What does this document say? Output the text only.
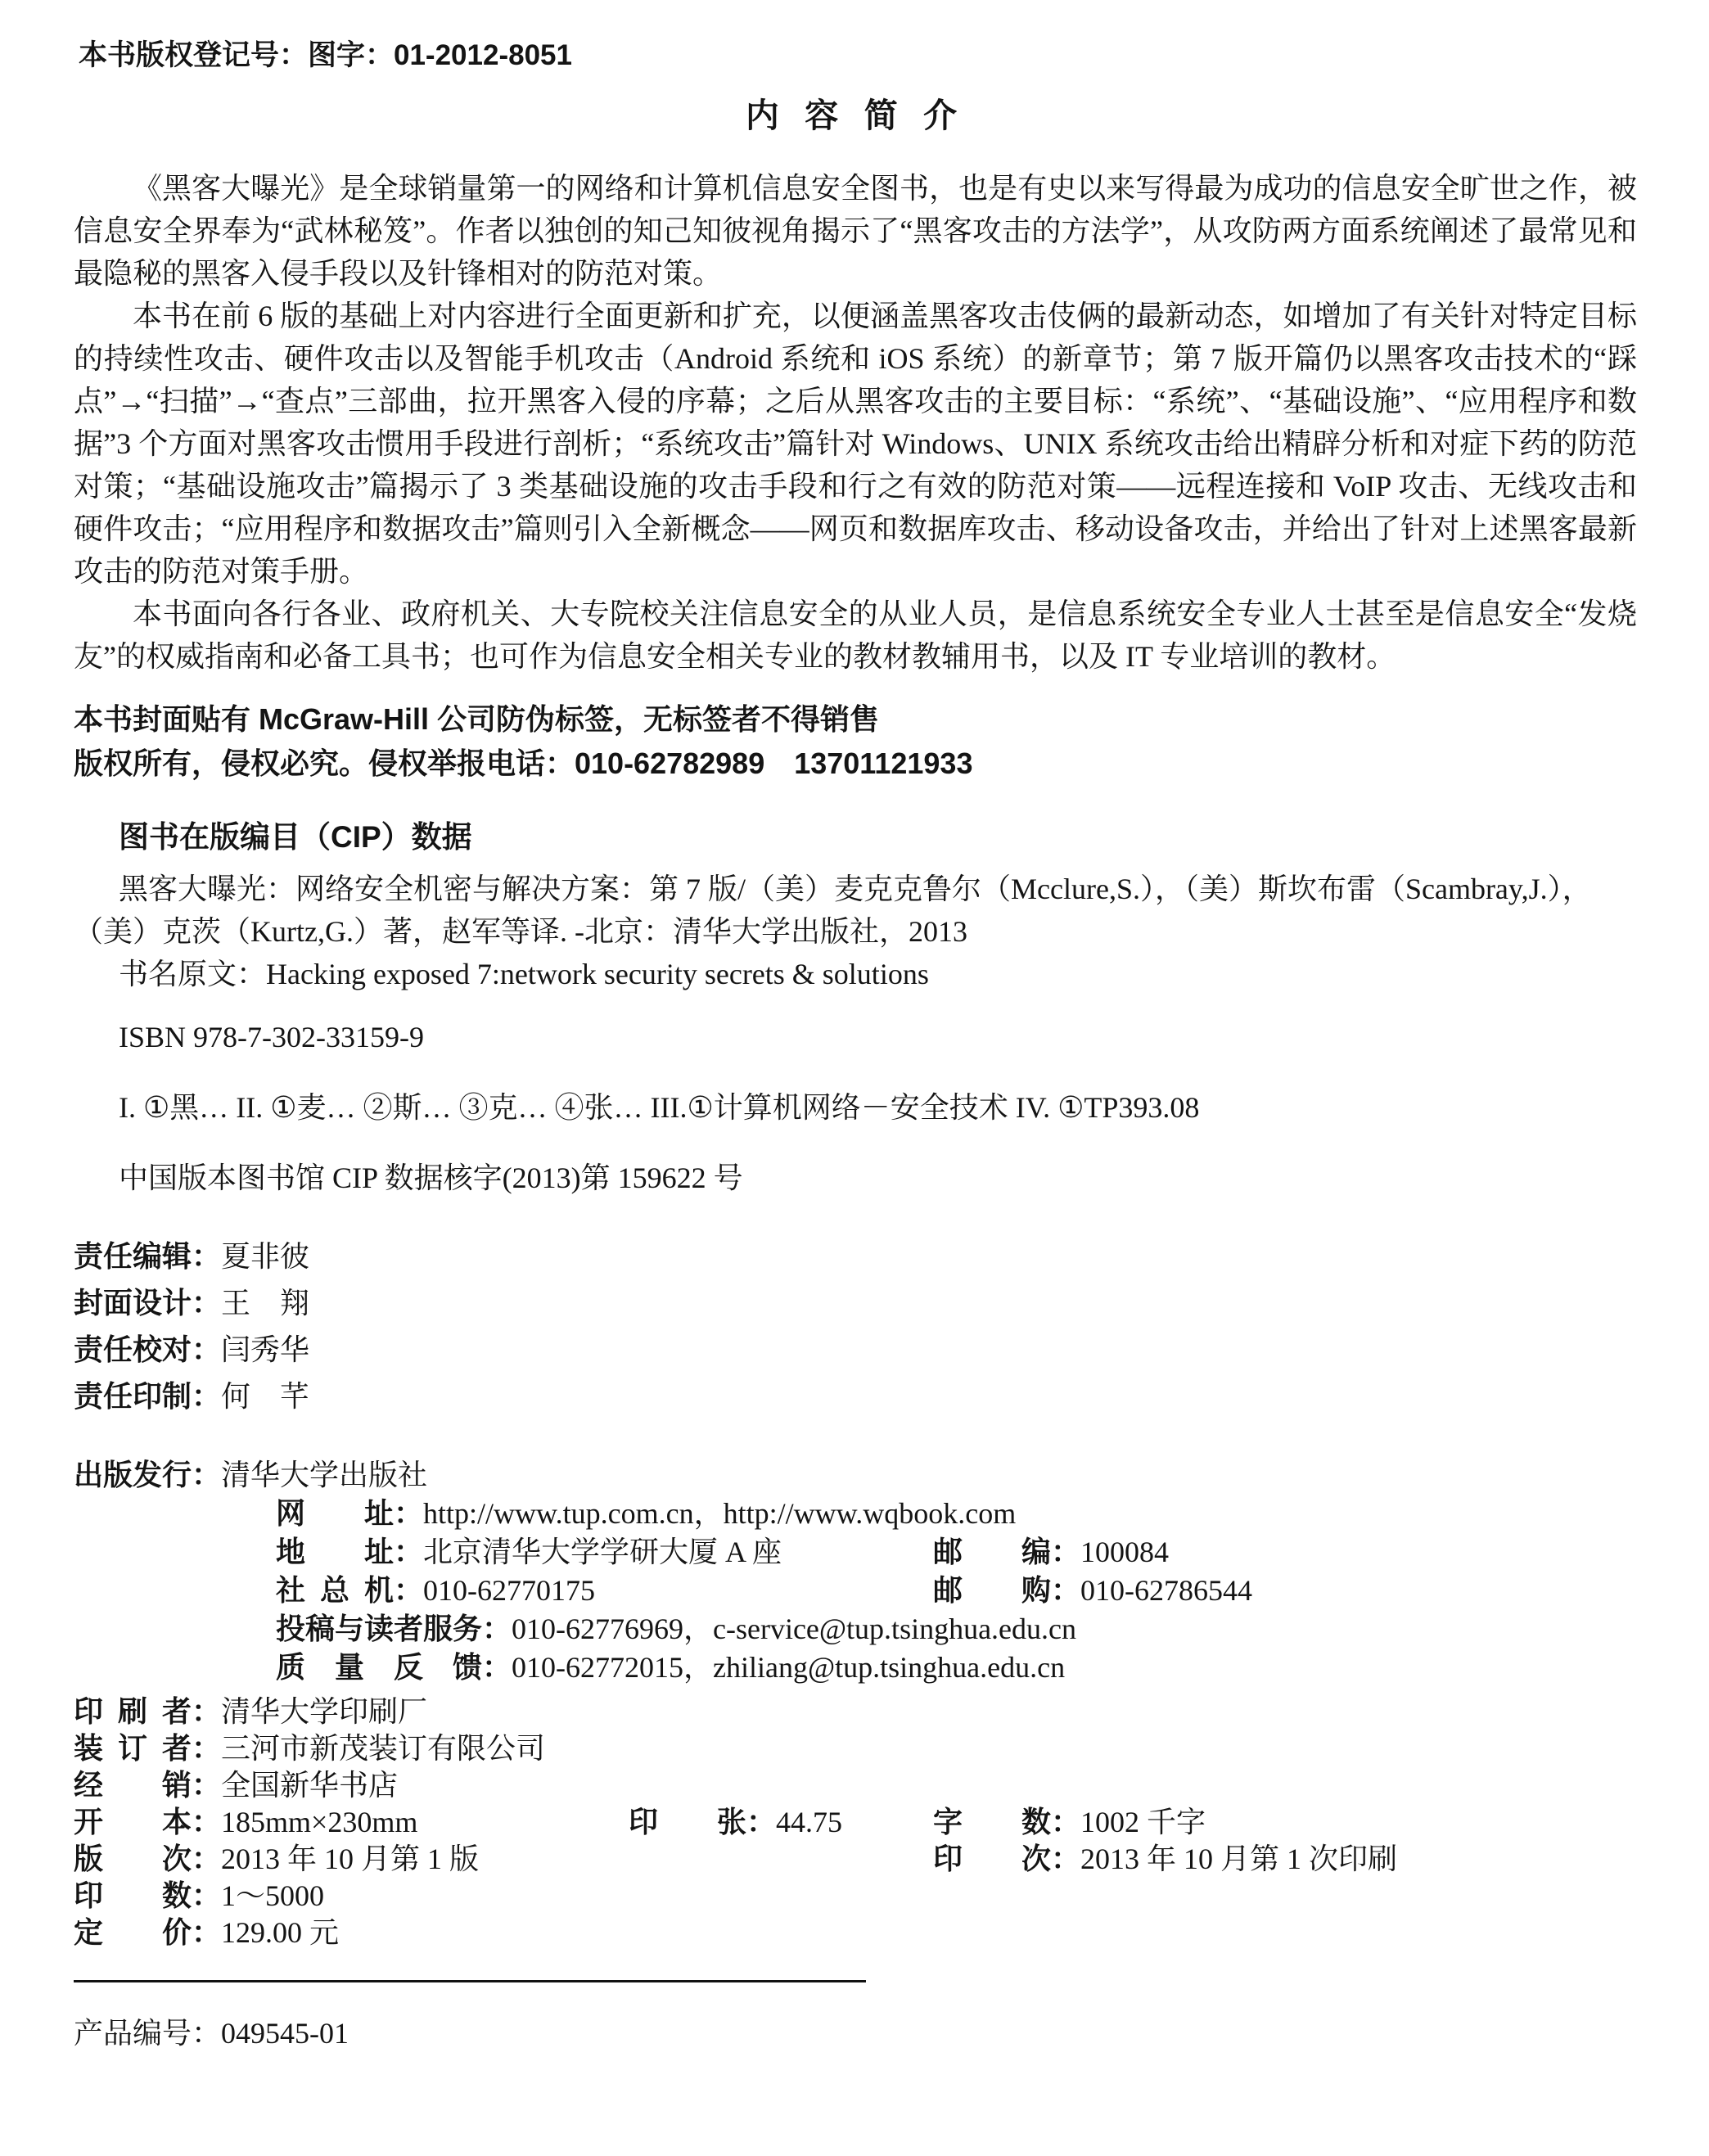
本书版权登记号：图字：01-2012-8051
内 容 简 介

《黑客大曝光》是全球销量第一的网络和计算机信息安全图书，也是有史以来写得最为成功的信息安全旷世之作，被信息安全界奉为“武林秘笈”。作者以独创的知己知彼视角揭示了“黑客攻击的方法学”，从攻防两方面系统阐述了最常见和最隐秘的黑客入侵手段以及针锋相对的防范对策。

本书在前 6 版的基础上对内容进行全面更新和扩充，以便涵盖黑客攻击伎俩的最新动态，如增加了有关针对特定目标的持续性攻击、硬件攻击以及智能手机攻击（Android 系统和 iOS 系统）的新章节；第 7 版开篇仍以黑客攻击技术的“踩点”→“扫描”→“查点”三部曲，拉开黑客入侵的序幕；之后从黑客攻击的主要目标：“系统”、“基础设施”、“应用程序和数据”3 个方面对黑客攻击惯用手段进行剖析；“系统攻击”篇针对 Windows、UNIX 系统攻击给出精辟分析和对症下药的防范对策；“基础设施攻击”篇揭示了 3 类基础设施的攻击手段和行之有效的防范对策——远程连接和 VoIP 攻击、无线攻击和硬件攻击；“应用程序和数据攻击”篇则引入全新概念——网页和数据库攻击、移动设备攻击，并给出了针对上述黑客最新攻击的防范对策手册。

本书面向各行各业、政府机关、大专院校关注信息安全的从业人员，是信息系统安全专业人士甚至是信息安全“发烧友”的权威指南和必备工具书；也可作为信息安全相关专业的教材教辅用书，以及 IT 专业培训的教材。

本书封面贴有 McGraw-Hill 公司防伪标签，无标签者不得销售

版权所有，侵权必究。侵权举报电话：010-62782989　13701121933

图书在版编目（CIP）数据

黑客大曝光：网络安全机密与解决方案：第 7 版/（美）麦克克鲁尔（Mcclure,S.），（美）斯坎布雷（Scambray,J.），

（美）克茨（Kurtz,G.）著，赵军等译. -北京：清华大学出版社，2013

书名原文：Hacking exposed 7:network security secrets & solutions

ISBN 978-7-302-33159-9

I. ①黑… II. ①麦… ②斯… ③克… ④张… III.①计算机网络－安全技术 IV. ①TP393.08

中国版本图书馆 CIP 数据核字(2013)第 159622 号

责任编辑：夏非彼
封面设计：王　翔
责任校对：闫秀华
责任印制：何　芊
出版发行：清华大学出版社
网址：http://www.tup.com.cn，http://www.wqbook.com
地址：北京清华大学学研大厦 A 座	邮编：100084
社总机：010-62770175	邮购：010-62786544
投稿与读者服务：010-62776969，c-service@tup.tsinghua.edu.cn
质量反馈：010-62772015，zhiliang@tup.tsinghua.edu.cn
印刷者：清华大学印刷厂
装订者：三河市新茂装订有限公司
经销：全国新华书店
开本：185mm×230mm	印张：44.75	字数：1002 千字
版次：2013 年 10 月第 1 版	印次：2013 年 10 月第 1 次印刷
印数：1～5000
定价：129.00 元
产品编号：049545-01
